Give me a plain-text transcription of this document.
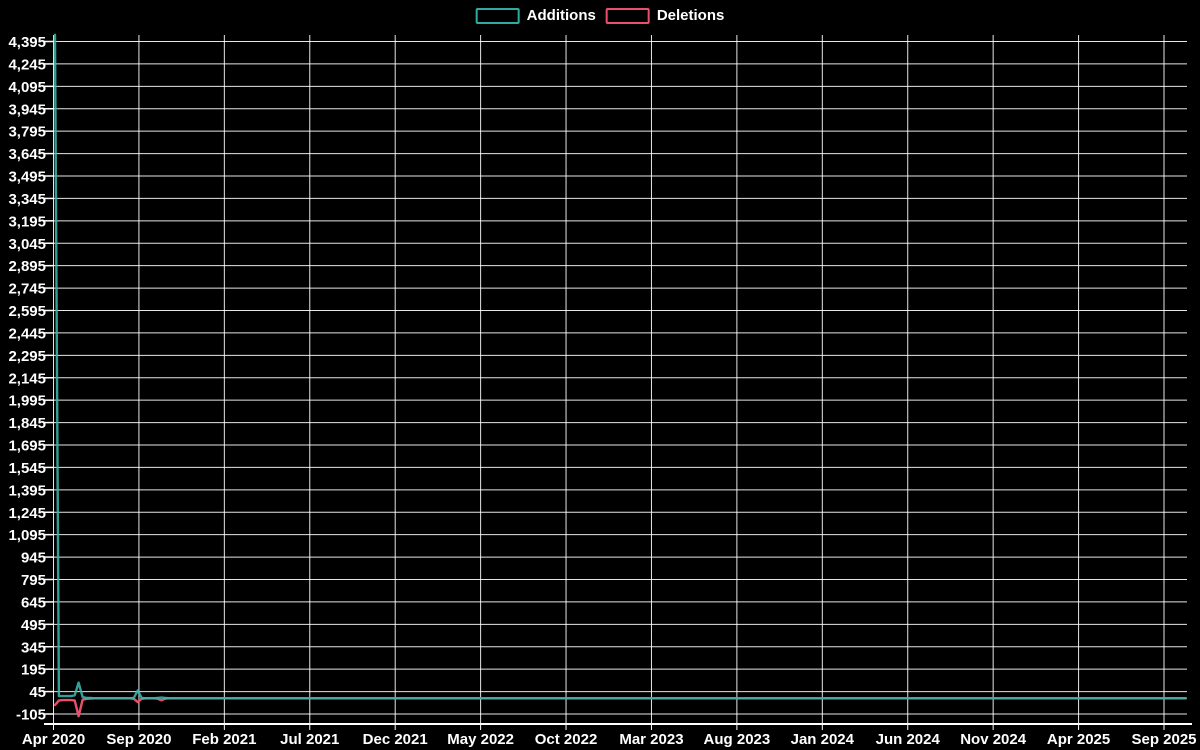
Apr 2020 Sep 2020 Feb 2021 Jul 2021 Dec 2021 May 2022 Oct 2022 Mar 2023 Aug 2023 Jan 2024 Jun 2024 Nov 2024 Apr 2025 Sep 2025
4,395
4,245
4,095
3,945
3,795
3,645
3,495
3,345
3,195
3,045
2,895
2,745
2,595
2,445
2,295
2,145
1,995
1,845
1,695
1,545
1,395
1,245
1,095
945
795
645
495
345
195
45
-105
Additions	Deletions
